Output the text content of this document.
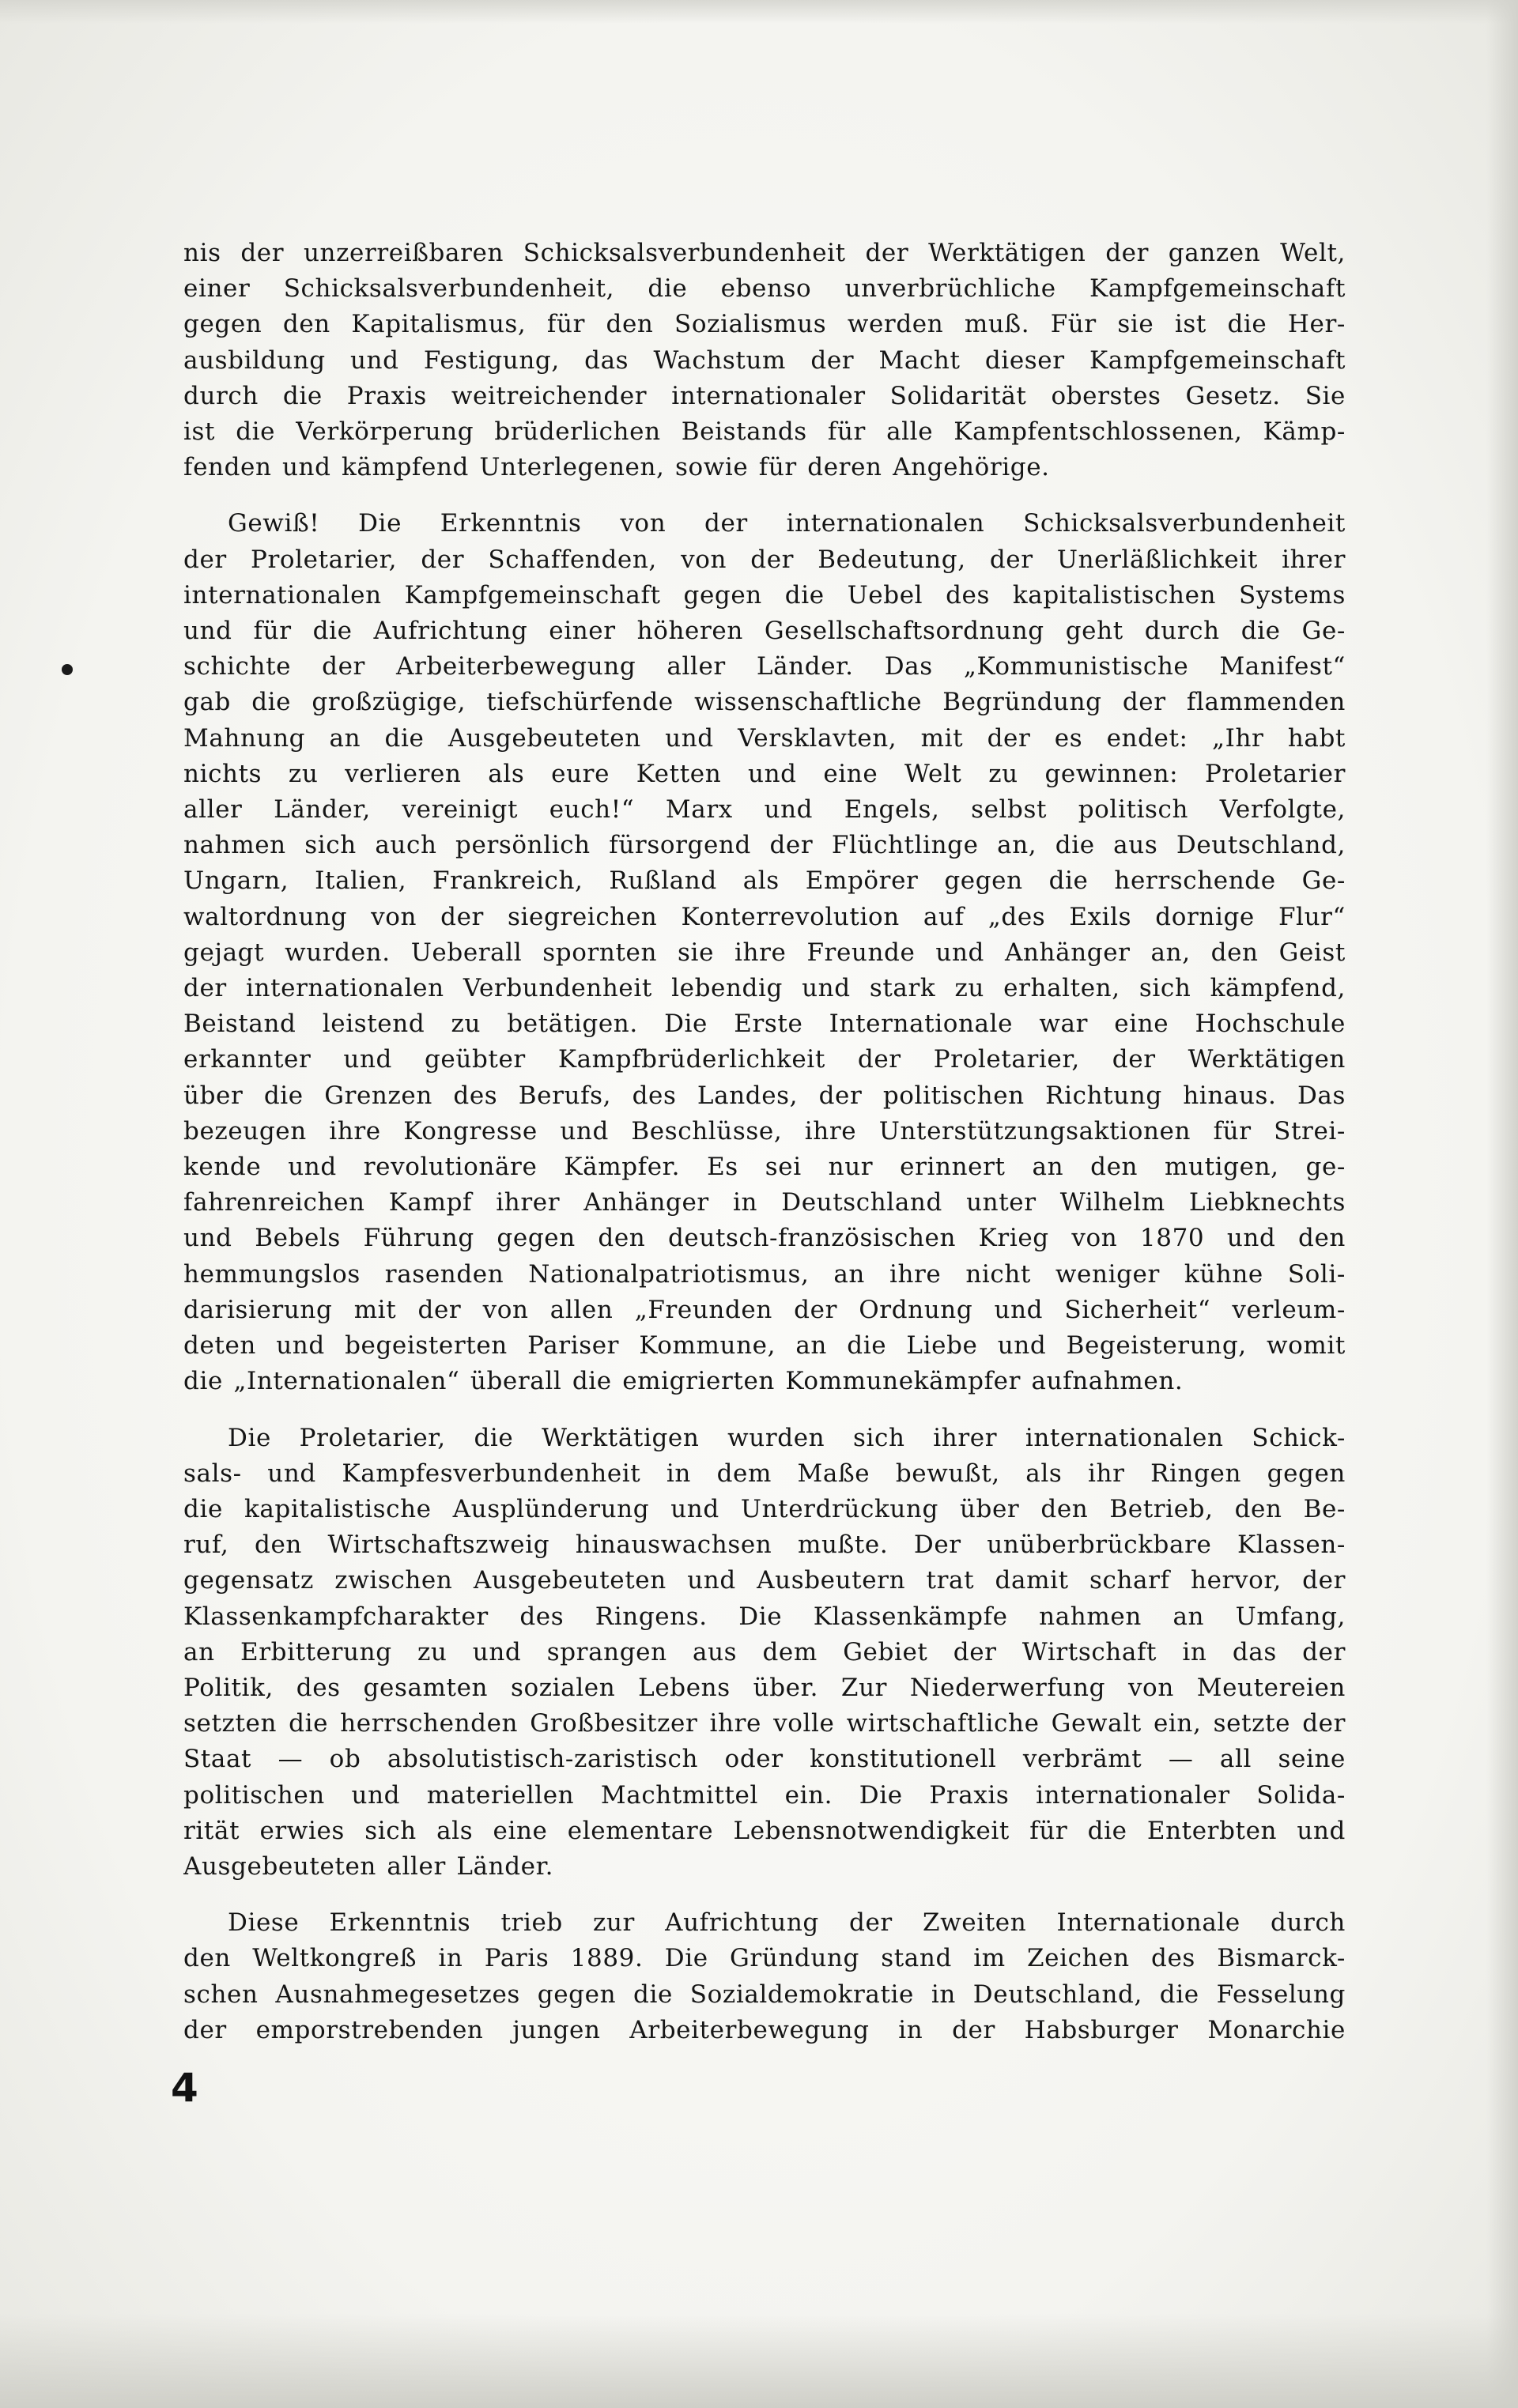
nis der unzerreißbaren Schicksalsverbundenheit der Werktätigen der ganzen Welt,
einer Schicksalsverbundenheit, die ebenso unverbrüchliche Kampfgemeinschaft
gegen den Kapitalismus, für den Sozialismus werden muß. Für sie ist die Her-
ausbildung und Festigung, das Wachstum der Macht dieser Kampfgemeinschaft
durch die Praxis weitreichender internationaler Solidarität oberstes Gesetz. Sie
ist die Verkörperung brüderlichen Beistands für alle Kampfentschlossenen, Kämp-
fenden und kämpfend Unterlegenen, sowie für deren Angehörige.

Gewiß! Die Erkenntnis von der internationalen Schicksalsverbundenheit
der Proletarier, der Schaffenden, von der Bedeutung, der Unerläßlichkeit ihrer
internationalen Kampfgemeinschaft gegen die Uebel des kapitalistischen Systems
und für die Aufrichtung einer höheren Gesellschaftsordnung geht durch die Ge-
schichte der Arbeiterbewegung aller Länder. Das „Kommunistische Manifest“
gab die großzügige, tiefschürfende wissenschaftliche Begründung der flammenden
Mahnung an die Ausgebeuteten und Versklavten, mit der es endet: „Ihr habt
nichts zu verlieren als eure Ketten und eine Welt zu gewinnen: Proletarier
aller Länder, vereinigt euch!“ Marx und Engels, selbst politisch Verfolgte,
nahmen sich auch persönlich fürsorgend der Flüchtlinge an, die aus Deutschland,
Ungarn, Italien, Frankreich, Rußland als Empörer gegen die herrschende Ge-
waltordnung von der siegreichen Konterrevolution auf „des Exils dornige Flur“
gejagt wurden. Ueberall spornten sie ihre Freunde und Anhänger an, den Geist
der internationalen Verbundenheit lebendig und stark zu erhalten, sich kämpfend,
Beistand leistend zu betätigen. Die Erste Internationale war eine Hochschule
erkannter und geübter Kampfbrüderlichkeit der Proletarier, der Werktätigen
über die Grenzen des Berufs, des Landes, der politischen Richtung hinaus. Das
bezeugen ihre Kongresse und Beschlüsse, ihre Unterstützungsaktionen für Strei-
kende und revolutionäre Kämpfer. Es sei nur erinnert an den mutigen, ge-
fahrenreichen Kampf ihrer Anhänger in Deutschland unter Wilhelm Liebknechts
und Bebels Führung gegen den deutsch-französischen Krieg von 1870 und den
hemmungslos rasenden Nationalpatriotismus, an ihre nicht weniger kühne Soli-
darisierung mit der von allen „Freunden der Ordnung und Sicherheit“ verleum-
deten und begeisterten Pariser Kommune, an die Liebe und Begeisterung, womit
die „Internationalen“ überall die emigrierten Kommunekämpfer aufnahmen.

Die Proletarier, die Werktätigen wurden sich ihrer internationalen Schick-
sals- und Kampfesverbundenheit in dem Maße bewußt, als ihr Ringen gegen
die kapitalistische Ausplünderung und Unterdrückung über den Betrieb, den Be-
ruf, den Wirtschaftszweig hinauswachsen mußte. Der unüberbrückbare Klassen-
gegensatz zwischen Ausgebeuteten und Ausbeutern trat damit scharf hervor, der
Klassenkampfcharakter des Ringens. Die Klassenkämpfe nahmen an Umfang,
an Erbitterung zu und sprangen aus dem Gebiet der Wirtschaft in das der
Politik, des gesamten sozialen Lebens über. Zur Niederwerfung von Meutereien
setzten die herrschenden Großbesitzer ihre volle wirtschaftliche Gewalt ein, setzte der
Staat — ob absolutistisch-zaristisch oder konstitutionell verbrämt — all seine
politischen und materiellen Machtmittel ein. Die Praxis internationaler Solida-
rität erwies sich als eine elementare Lebensnotwendigkeit für die Enterbten und
Ausgebeuteten aller Länder.

Diese Erkenntnis trieb zur Aufrichtung der Zweiten Internationale durch
den Weltkongreß in Paris 1889. Die Gründung stand im Zeichen des Bismarck-
schen Ausnahmegesetzes gegen die Sozialdemokratie in Deutschland, die Fesselung
der emporstrebenden jungen Arbeiterbewegung in der Habsburger Monarchie

4
